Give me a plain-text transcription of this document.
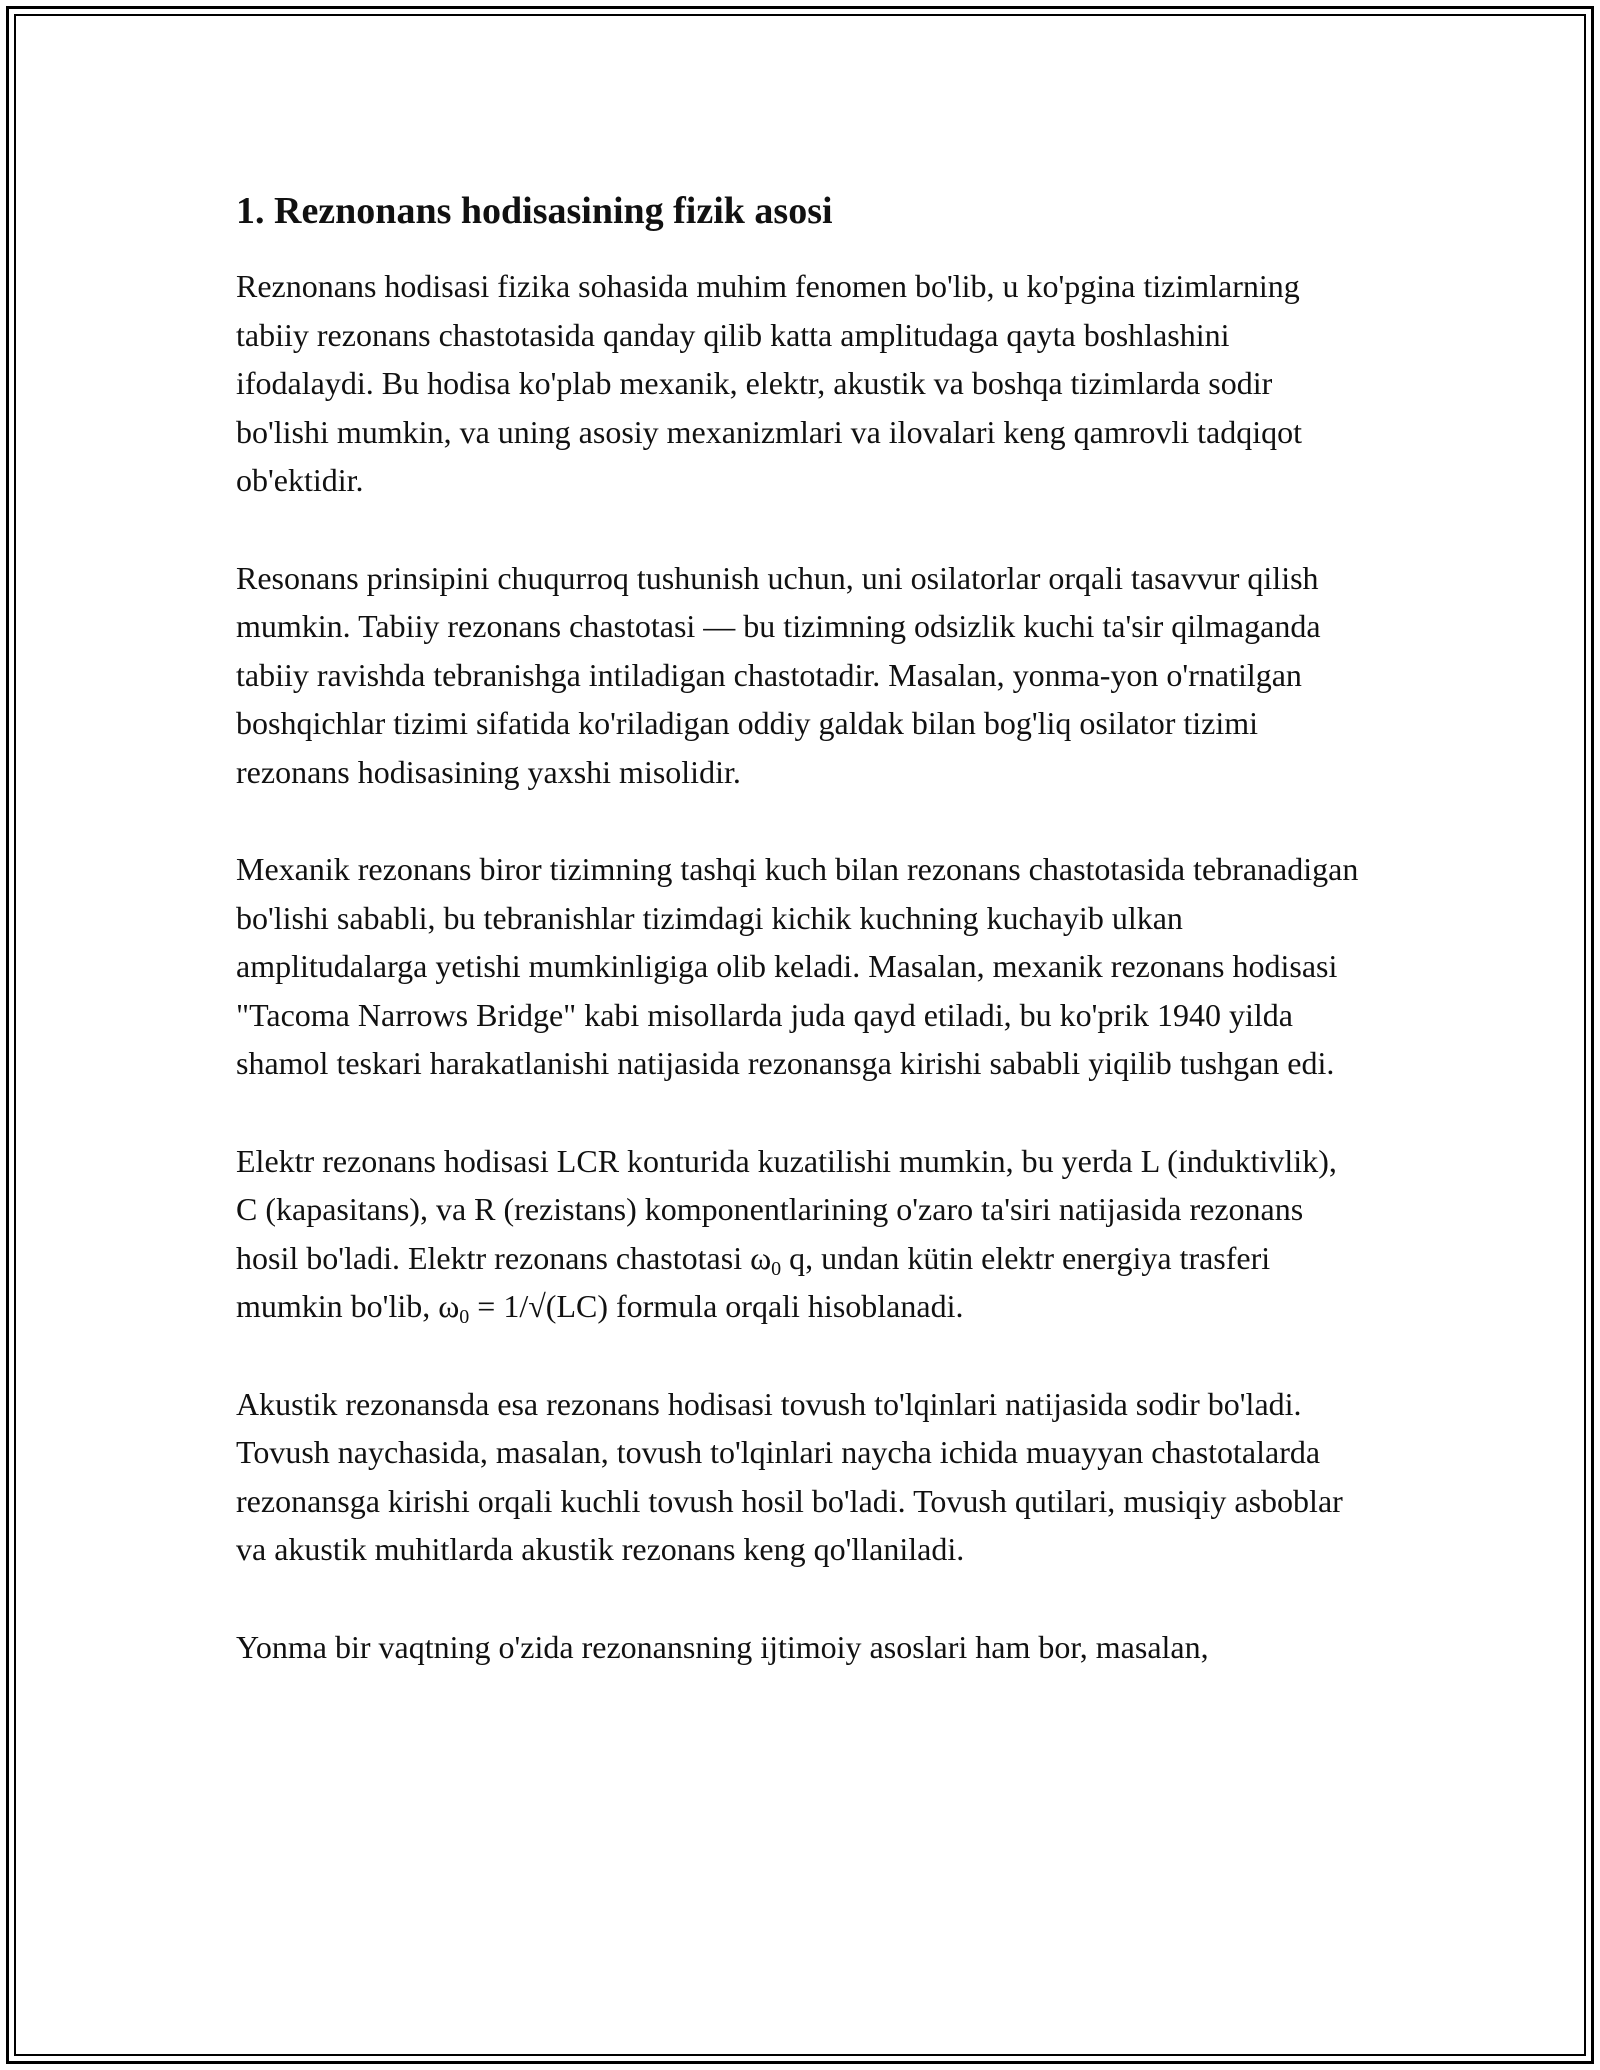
1. Reznonans hodisasining fizik asosi

Reznonans hodisasi fizika sohasida muhim fenomen bo'lib, u ko'pgina tizimlarning tabiiy rezonans chastotasida qanday qilib katta amplitudaga qayta boshlashini ifodalaydi. Bu hodisa ko'plab mexanik, elektr, akustik va boshqa tizimlarda sodir bo'lishi mumkin, va uning asosiy mexanizmlari va ilovalari keng qamrovli tadqiqot ob'ektidir.

Resonans prinsipini chuqurroq tushunish uchun, uni osilatorlar orqali tasavvur qilish mumkin. Tabiiy rezonans chastotasi — bu tizimning odsizlik kuchi ta'sir qilmaganda tabiiy ravishda tebranishga intiladigan chastotadir. Masalan, yonma-yon o'rnatilgan boshqichlar tizimi sifatida ko'riladigan oddiy galdak bilan bog'liq osilator tizimi rezonans hodisasining yaxshi misolidir.

Mexanik rezonans biror tizimning tashqi kuch bilan rezonans chastotasida tebranadigan bo'lishi sababli, bu tebranishlar tizimdagi kichik kuchning kuchayib ulkan amplitudalarga yetishi mumkinligiga olib keladi. Masalan, mexanik rezonans hodisasi "Tacoma Narrows Bridge" kabi misollarda juda qayd etiladi, bu ko'prik 1940 yilda shamol teskari harakatlanishi natijasida rezonansga kirishi sababli yiqilib tushgan edi.

Elektr rezonans hodisasi LCR konturida kuzatilishi mumkin, bu yerda L (induktivlik), C (kapasitans), va R (rezistans) komponentlarining o'zaro ta'siri natijasida rezonans hosil bo'ladi. Elektr rezonans chastotasi $\omega_0$ q, undan kütin elektr energiya trasferi mumkin bo'lib, $\omega_0 = 1/√(LC)$ formula orqali hisoblanadi.

Akustik rezonansda esa rezonans hodisasi tovush to'lqinlari natijasida sodir bo'ladi. Tovush naychasida, masalan, tovush to'lqinlari naycha ichida muayyan chastotalarda rezonansga kirishi orqali kuchli tovush hosil bo'ladi. Tovush qutilari, musiqiy asboblar va akustik muhitlarda akustik rezonans keng qo'llaniladi.

Yonma bir vaqtning o'zida rezonansning ijtimoiy asoslari ham bor, masalan,
